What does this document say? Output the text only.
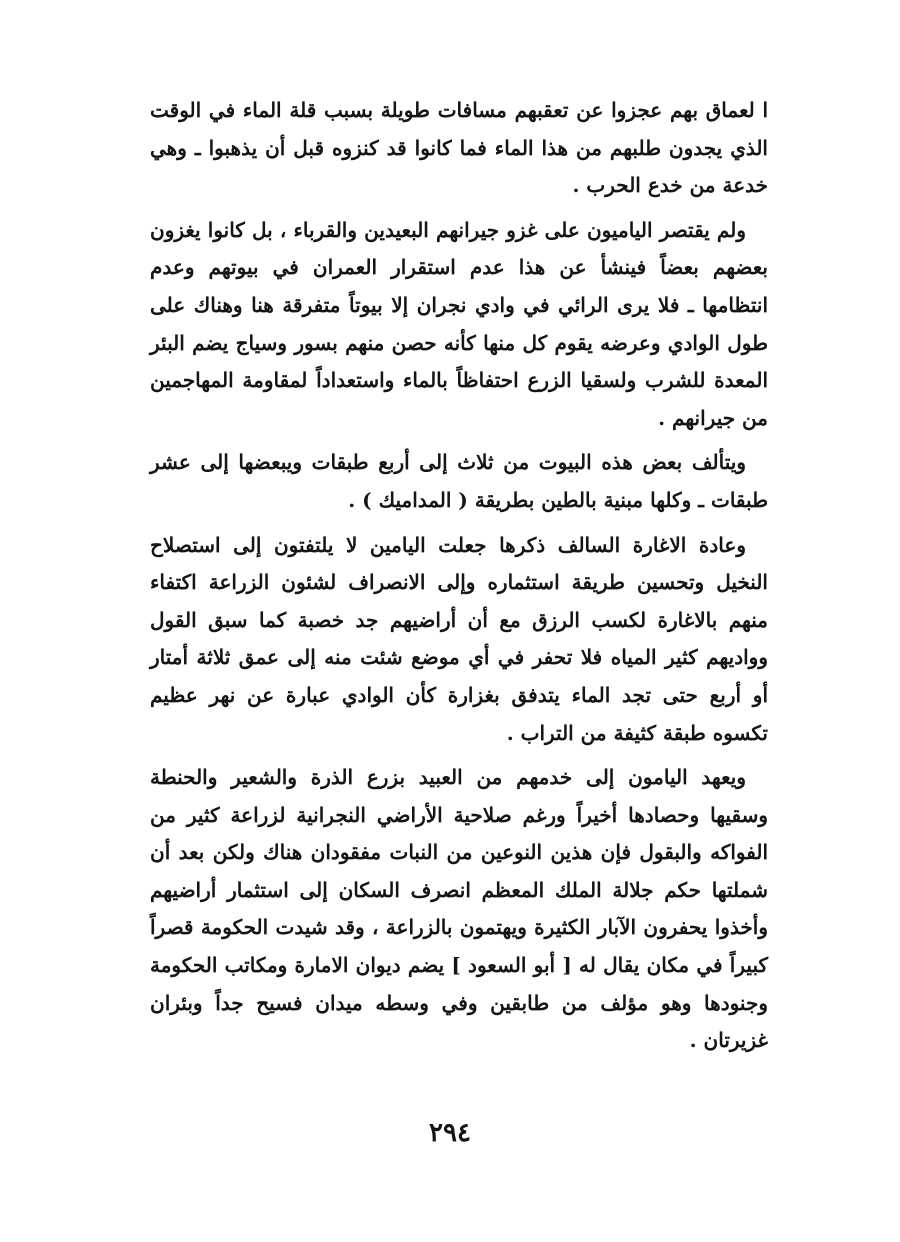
ا لعماق بهم عجزوا عن تعقبهم مسافات طويلة بسبب قلة الماء في الوقت الذي يجدون طلبهم من هذا الماء فما كانوا قد كنزوه قبل أن يذهبوا ـ وهي خدعة من خدع الحرب .

ولم يقتصر الياميون على غزو جيرانهم البعيدين والقرباء ، بل كانوا يغزون بعضهم بعضاً فينشأ عن هذا عدم استقرار العمران في بيوتهم وعدم انتظامها ـ فلا يرى الرائي في وادي نجران إلا بيوتاً متفرقة هنا وهناك على طول الوادي وعرضه يقوم كل منها كأنه حصن منهم بسور وسياج يضم البئر المعدة للشرب ولسقيا الزرع احتفاظاً بالماء واستعداداً لمقاومة المهاجمين من جيرانهم .

ويتألف بعض هذه البيوت من ثلاث إلى أربع طبقات ويبعضها إلى عشر طبقات ـ وكلها مبنية بالطين بطريقة ( المداميك ) .

وعادة الاغارة السالف ذكرها جعلت اليامين لا يلتفتون إلى استصلاح النخيل وتحسين طريقة استثماره وإلى الانصراف لشئون الزراعة اكتفاء منهم بالاغارة لكسب الرزق مع أن أراضيهم جد خصبة كما سبق القول وواديهم كثير المياه فلا تحفر في أي موضع شئت منه إلى عمق ثلاثة أمتار أو أربع حتى تجد الماء يتدفق بغزارة كأن الوادي عبارة عن نهر عظيم تكسوه طبقة كثيفة من التراب .

ويعهد اليامون إلى خدمهم من العبيد بزرع الذرة والشعير والحنطة وسقيها وحصادها أخيراً ورغم صلاحية الأراضي النجرانية لزراعة كثير من الفواكه والبقول فإن هذين النوعين من النبات مفقودان هناك ولكن بعد أن شملتها حكم جلالة الملك المعظم انصرف السكان إلى استثمار أراضيهم وأخذوا يحفرون الآبار الكثيرة ويهتمون بالزراعة ، وقد شيدت الحكومة قصراً كبيراً في مكان يقال له [ أبو السعود ] يضم ديوان الامارة ومكاتب الحكومة وجنودها وهو مؤلف من طابقين وفي وسطه ميدان فسيح جداً وبئران غزيرتان .

٢٩٤
